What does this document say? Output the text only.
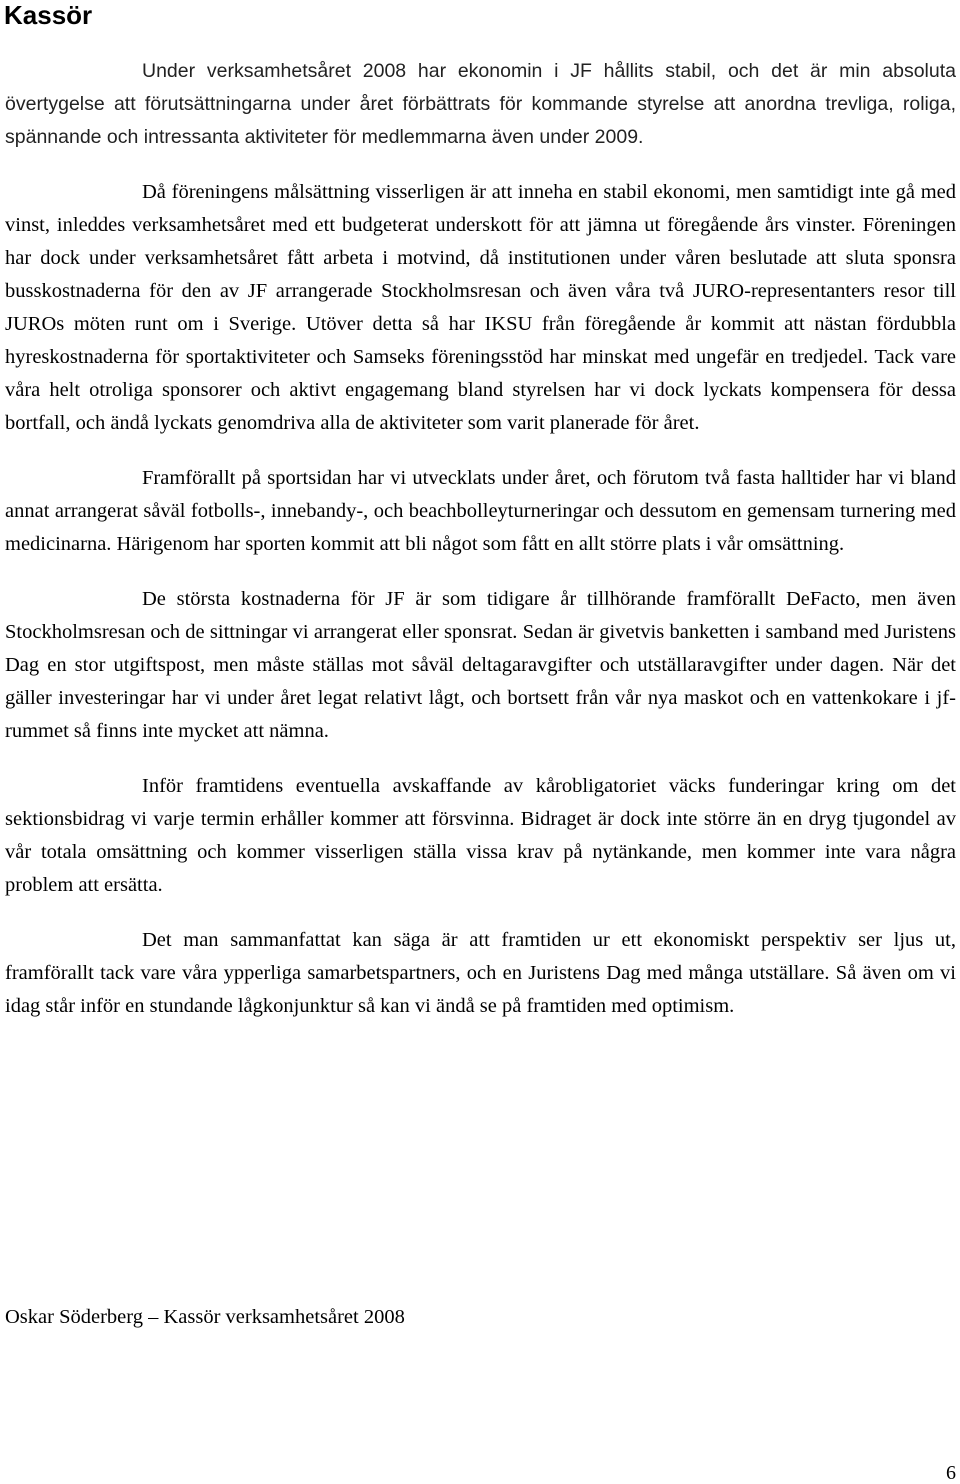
Kassör

Under verksamhetsåret 2008 har ekonomin i JF hållits stabil, och det är min absoluta övertygelse att förutsättningarna under året förbättrats för kommande styrelse att anordna trevliga, roliga, spännande och intressanta aktiviteter för medlemmarna även under 2009.

Då föreningens målsättning visserligen är att inneha en stabil ekonomi, men samtidigt inte gå med vinst, inleddes verksamhetsåret med ett budgeterat underskott för att jämna ut föregående års vinster. Föreningen har dock under verksamhetsåret fått arbeta i motvind, då institutionen under våren beslutade att sluta sponsra busskostnaderna för den av JF arrangerade Stockholmsresan och även våra två JURO-representanters resor till JUROs möten runt om i Sverige. Utöver detta så har IKSU från föregående år kommit att nästan fördubbla hyreskostnaderna för sportaktiviteter och Samseks föreningsstöd har minskat med ungefär en tredjedel. Tack vare våra helt otroliga sponsorer och aktivt engagemang bland styrelsen har vi dock lyckats kompensera för dessa bortfall, och ändå lyckats genomdriva alla de aktiviteter som varit planerade för året.

Framförallt på sportsidan har vi utvecklats under året, och förutom två fasta halltider har vi bland annat arrangerat såväl fotbolls-, innebandy-, och beachbolleyturneringar och dessutom en gemensam turnering med medicinarna. Härigenom har sporten kommit att bli något som fått en allt större plats i vår omsättning.

De största kostnaderna för JF är som tidigare år tillhörande framförallt DeFacto, men även Stockholmsresan och de sittningar vi arrangerat eller sponsrat. Sedan är givetvis banketten i samband med Juristens Dag en stor utgiftspost, men måste ställas mot såväl deltagaravgifter och utställaravgifter under dagen. När det gäller investeringar har vi under året legat relativt lågt, och bortsett från vår nya maskot och en vattenkokare i jf-rummet så finns inte mycket att nämna.

Inför framtidens eventuella avskaffande av kårobligatoriet väcks funderingar kring om det sektionsbidrag vi varje termin erhåller kommer att försvinna. Bidraget är dock inte större än en dryg tjugondel av vår totala omsättning och kommer visserligen ställa vissa krav på nytänkande, men kommer inte vara några problem att ersätta.

Det man sammanfattat kan säga är att framtiden ur ett ekonomiskt perspektiv ser ljus ut, framförallt tack vare våra ypperliga samarbetspartners, och en Juristens Dag med många utställare. Så även om vi idag står inför en stundande lågkonjunktur så kan vi ändå se på framtiden med optimism.

Oskar Söderberg – Kassör verksamhetsåret 2008

6
